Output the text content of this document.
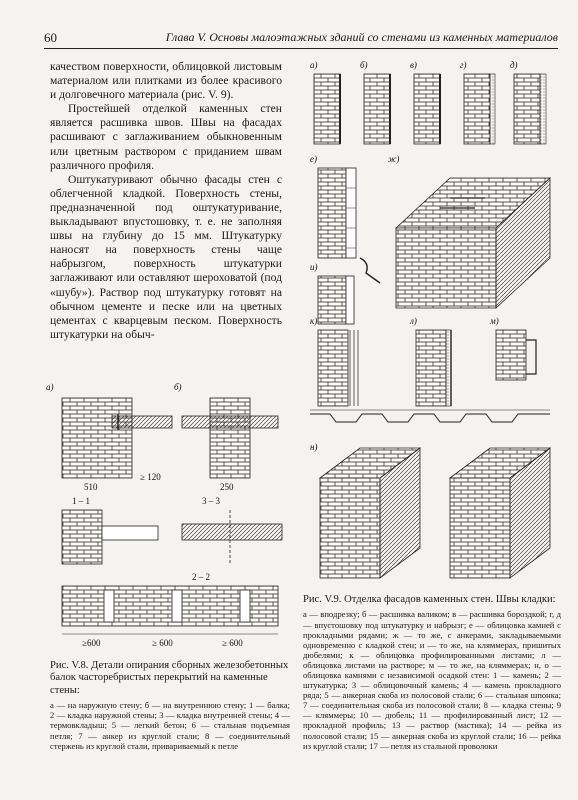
60	Глава V. Основы малоэтажных зданий со стенами из каменных материалов

качеством поверхности, облицовкой листовым материалом или плитками из более красивого и долговечного материала (рис. V. 9).

Простейшей отделкой каменных стен является расшивка швов. Швы на фасадах расшивают с заглаживанием обыкновенным или цветным раствором с приданием швам различного профиля.

Оштукатуривают обычно фасады стен с облегченной кладкой. Поверхность стены, предназначенной под оштукатуривание, выкладывают впустошовку, т. е. не заполняя швы на глубину до 15 мм. Штукатурку наносят на поверхность стены чаще набрызгом, поверхность штукатурки заглаживают или оставляют шероховатой (под «шубу»). Раствор под штукатурку готовят на обычном цементе и песке или на цветных цементах с кварцевым песком. Поверхность штукатурки на обыч-

а)	б)	в)	г)	д)
е)	ж)
и)
к)	л)	м)
н)
а)
510
≥ 120
б)
250
1 – 1	3 – 3
2 – 2
≥600	≥ 600	≥ 600
Рис. V.8. Детали опирания сборных железобетонных балок часторебристых перекрытий на каменные стены:
а — на наружную стену; б — на внутреннюю стену; 1 — балка; 2 — кладка наружной стены; 3 — кладка внутренней стены; 4 — термовкладыш; 5 — легкий бетон; 6 — стальная подъемная петля; 7 — анкер из круглой стали; 8 — соединительный стержень из круглой стали, привариваемый к петле
Рис. V.9. Отделка фасадов каменных стен. Швы кладки:
а — вподрезку; б — расшивка валиком; в — расшивка бороздкой; г, д — впустошовку под штукатурку и набрызг; е — облицовка камней с прокладными рядами; ж — то же, с анкерами, закладываемыми одновременно с кладкой стен; и — то же, на кляммерах, пришитых дюбелями; к — облицовка профилированными листами; л — облицовка листами на растворе; м — то же, на кляммерах; н, о — облицовка камнями с независимой осадкой стен: 1 — камень; 2 — штукатурка; 3 — облицовочный камень; 4 — камень прокладного ряда; 5 — анкерная скоба из полосовой стали; 6 — стальная шпонка; 7 — соединительная скоба из полосовой стали; 8 — кладка стены; 9 — кляммеры; 10 — дюбель; 11 — профилированный лист; 12 — прокладной профиль; 13 — раствор (мастика); 14 — рейка из полосовой стали; 15 — анкерная скоба из круглой стали; 16 — рейка из круглой стали; 17 — петля из стальной проволоки
